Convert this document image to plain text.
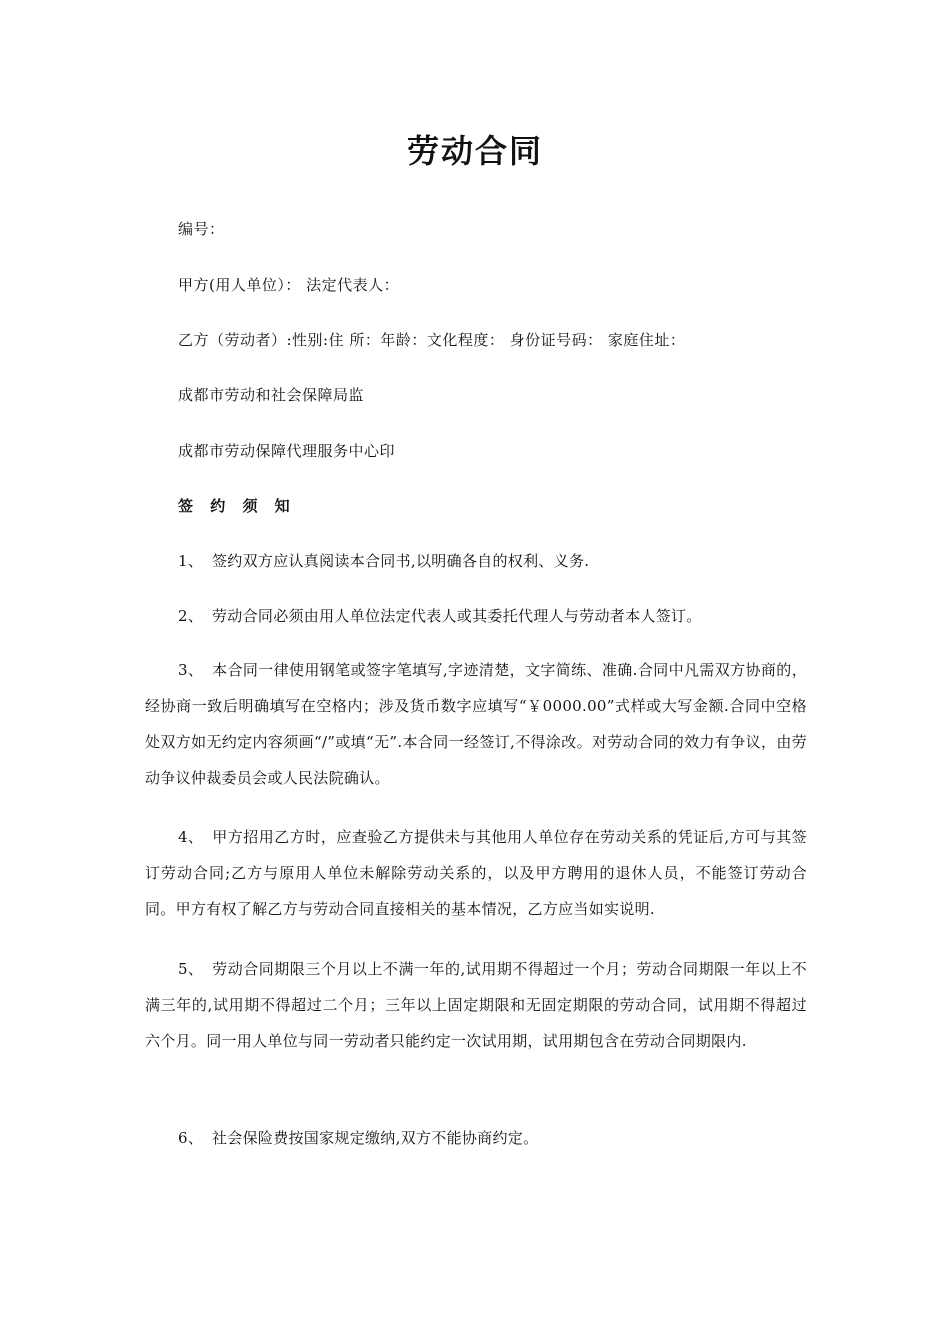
劳动合同
编号：
甲方(用人单位）： 法定代表人：
乙方（劳动者）:性别:住 所：年龄：文化程度： 身份证号码： 家庭住址：
成都市劳动和社会保障局监
成都市劳动保障代理服务中心印
签 约 须 知
1、 签约双方应认真阅读本合同书,以明确各自的权利、义务.
2、 劳动合同必须由用人单位法定代表人或其委托代理人与劳动者本人签订。
3、 本合同一律使用钢笔或签字笔填写,字迹清楚，文字简练、准确.合同中凡需双方协商的，经协商一致后明确填写在空格内；涉及货币数字应填写“￥0000.00”式样或大写金额.合同中空格处双方如无约定内容须画“/”或填“无”.本合同一经签订,不得涂改。对劳动合同的效力有争议，由劳动争议仲裁委员会或人民法院确认。
4、 甲方招用乙方时，应查验乙方提供未与其他用人单位存在劳动关系的凭证后,方可与其签订劳动合同;乙方与原用人单位未解除劳动关系的，以及甲方聘用的退休人员，不能签订劳动合同。甲方有权了解乙方与劳动合同直接相关的基本情况，乙方应当如实说明.
5、 劳动合同期限三个月以上不满一年的,试用期不得超过一个月；劳动合同期限一年以上不满三年的,试用期不得超过二个月；三年以上固定期限和无固定期限的劳动合同，试用期不得超过六个月。同一用人单位与同一劳动者只能约定一次试用期，试用期包含在劳动合同期限内.
6、 社会保险费按国家规定缴纳,双方不能协商约定。
